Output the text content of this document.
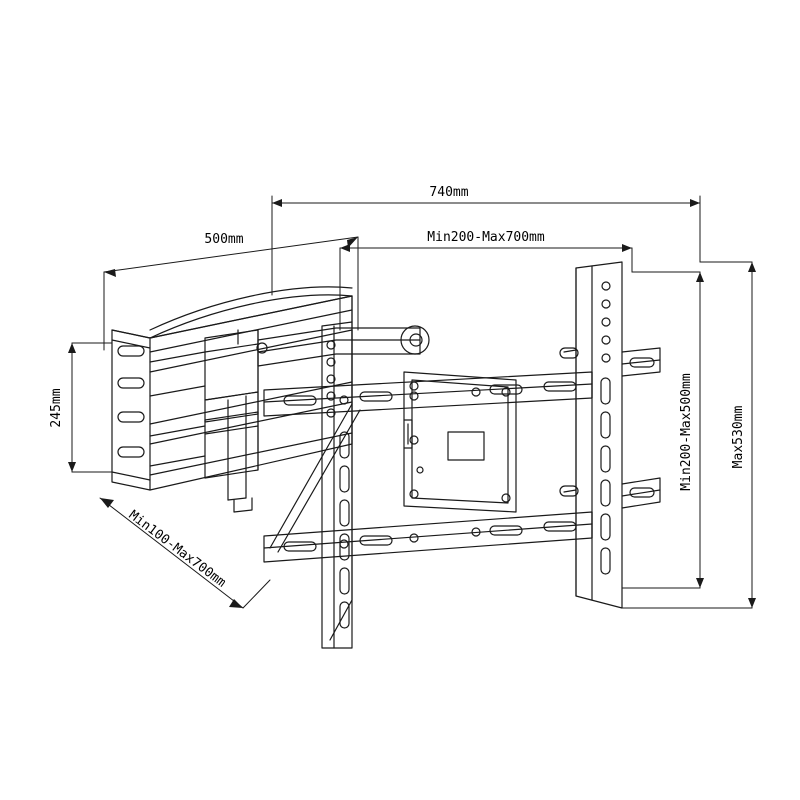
740mm
500mm	Min200-Max700mm
245mm
Min100-Max700mm
Min200-Max500mm	Max530mm
